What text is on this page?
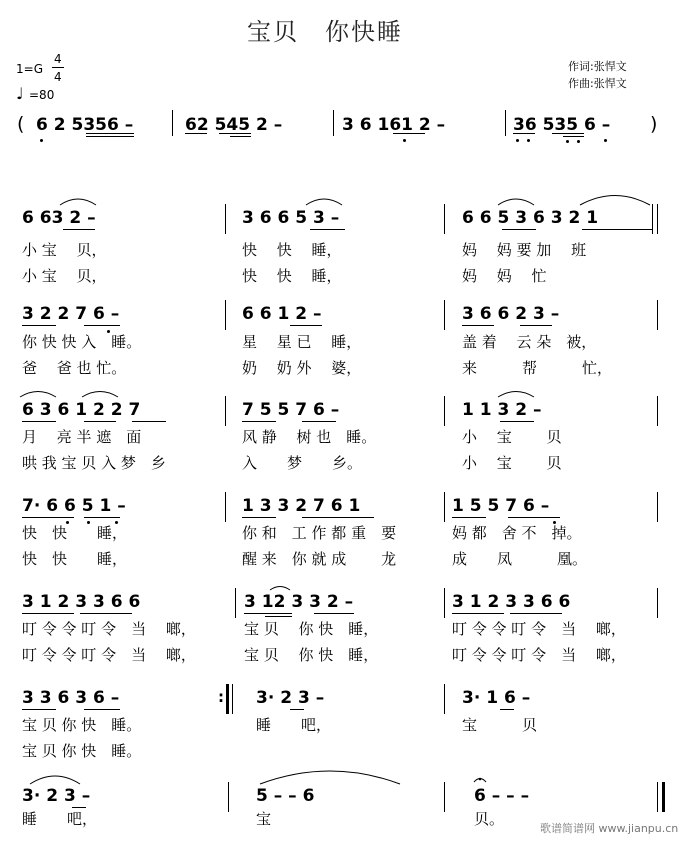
宝贝　你快睡
作词:张悍文
作曲:张悍文
1=G
4
4
♩ =80
( 6 2 5356 –	62 545 2 –	3 6 161 2 –	36 535 6 – )
6 63 2 –	3 6 6 5 3 –	6 6 5 3 6 3 2 1
小 宝　 贝，	快　 快　 睡，	妈　 妈 要 加　 班
小 宝　 贝，	快　 快　 睡，	妈　 妈　 忙
3 2 2 7 6 –	6 6 1 2 –	3 6 6 2 3 –
你 快 快 入　睡。	星　 星 已　 睡，	盖 着　 云 朵　被，
爸　 爸 也 忙。	奶　 奶 外　 婆，	来　　　帮　　　忙，
6 3 6 1 2 2 7	7 5 5 7 6 –	1 1 3 2 –
月　 亮 半 遮　面	风 静　 树 也　睡。	小　 宝　　 贝
哄 我 宝 贝 入 梦　乡	入　　梦　　乡。	小　 宝　　 贝
7· 6 6 5 1 –	1 3 3 2 7 6 1	1 5 5 7 6 –
快　快　　睡，	你 和　工 作 都 重　要	妈 都　舍 不　掉。
快　快　　睡，	醒 来　你 就 成　　 龙	成　　凤　　　凰。
3 1 2 3 3 6 6	3 12 3 3 2 –	3 1 2 3 3 6 6
叮 令 令 叮 令　当　 啷，	宝 贝　 你 快　睡，	叮 令 令 叮 令　当　 啷，
叮 令 令 叮 令　当　 啷，	宝 贝　 你 快　睡，	叮 令 令 叮 令　当　 啷，
3 3 6 3 6 –	: 3· 2 3 –	3· 1 6 –
宝 贝 你 快　睡。	睡　　吧，	宝　　　贝
宝 贝 你 快　睡。
3· 2 3 –	5 – – 6	6 – – –
睡　　吧，	宝	贝。
歌谱简谱网 www.jianpu.cn
